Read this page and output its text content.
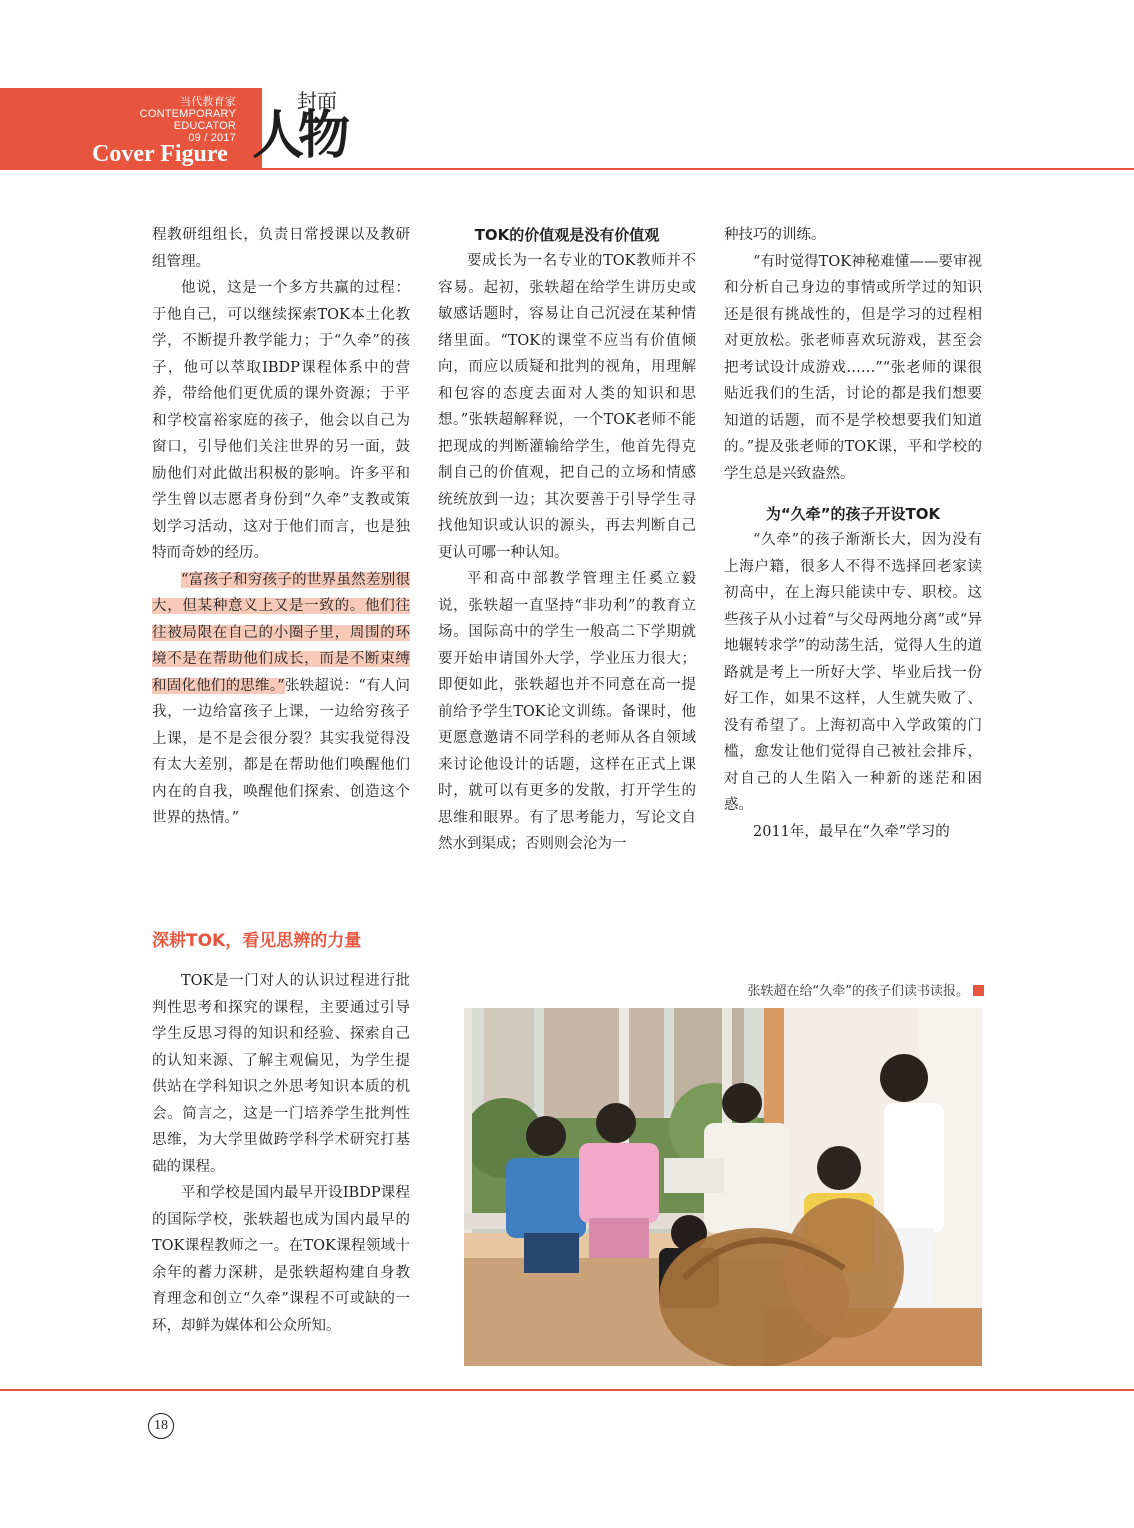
当代教育家
CONTEMPORARY
EDUCATOR
09 / 2017
Cover Figure
封面
人物

程教研组组长，负责日常授课以及教研组管理。

他说，这是一个多方共赢的过程：于他自己，可以继续探索TOK本土化教学，不断提升教学能力；于“久牵”的孩子，他可以萃取IBDP课程体系中的营养，带给他们更优质的课外资源；于平和学校富裕家庭的孩子，他会以自己为窗口，引导他们关注世界的另一面，鼓励他们对此做出积极的影响。许多平和学生曾以志愿者身份到“久牵”支教或策划学习活动，这对于他们而言，也是独特而奇妙的经历。

“富孩子和穷孩子的世界虽然差别很大，但某种意义上又是一致的。他们往往被局限在自己的小圈子里，周围的环境不是在帮助他们成长，而是不断束缚和固化他们的思维。”张轶超说：“有人问我，一边给富孩子上课，一边给穷孩子上课，是不是会很分裂？其实我觉得没有太大差别，都是在帮助他们唤醒他们内在的自我，唤醒他们探索、创造这个世界的热情。”

深耕TOK，看见思辨的力量

TOK是一门对人的认识过程进行批判性思考和探究的课程，主要通过引导学生反思习得的知识和经验、探索自己的认知来源、了解主观偏见，为学生提供站在学科知识之外思考知识本质的机会。简言之，这是一门培养学生批判性思维，为大学里做跨学科学术研究打基础的课程。

平和学校是国内最早开设IBDP课程的国际学校，张轶超也成为国内最早的TOK课程教师之一。在TOK课程领域十余年的蓄力深耕，是张轶超构建自身教育理念和创立“久牵”课程不可或缺的一环，却鲜为媒体和公众所知。

TOK的价值观是没有价值观

要成长为一名专业的TOK教师并不容易。起初，张轶超在给学生讲历史或敏感话题时，容易让自己沉浸在某种情绪里面。“TOK的课堂不应当有价值倾向，而应以质疑和批判的视角，用理解和包容的态度去面对人类的知识和思想。”张轶超解释说，一个TOK老师不能把现成的判断灌输给学生，他首先得克制自己的价值观，把自己的立场和情感统统放到一边；其次要善于引导学生寻找他知识或认识的源头，再去判断自己更认可哪一种认知。

平和高中部教学管理主任奚立毅说，张轶超一直坚持“非功利”的教育立场。国际高中的学生一般高二下学期就要开始申请国外大学，学业压力很大；即便如此，张轶超也并不同意在高一提前给予学生TOK论文训练。备课时，他更愿意邀请不同学科的老师从各自领域来讨论他设计的话题，这样在正式上课时，就可以有更多的发散，打开学生的思维和眼界。有了思考能力，写论文自然水到渠成；否则则会沦为一

种技巧的训练。

“有时觉得TOK神秘难懂——要审视和分析自己身边的事情或所学过的知识还是很有挑战性的，但是学习的过程相对更放松。张老师喜欢玩游戏，甚至会把考试设计成游戏……”“张老师的课很贴近我们的生活，讨论的都是我们想要知道的话题，而不是学校想要我们知道的。”提及张老师的TOK课，平和学校的学生总是兴致盎然。

为“久牵”的孩子开设TOK

“久牵”的孩子渐渐长大，因为没有上海户籍，很多人不得不选择回老家读初高中，在上海只能读中专、职校。这些孩子从小过着“与父母两地分离”或“异地辗转求学”的动荡生活，觉得人生的道路就是考上一所好大学、毕业后找一份好工作，如果不这样，人生就失败了、没有希望了。上海初高中入学政策的门槛，愈发让他们觉得自己被社会排斥，对自己的人生陷入一种新的迷茫和困惑。

2011年，最早在“久牵”学习的

张轶超在给“久牵”的孩子们读书读报。
18
